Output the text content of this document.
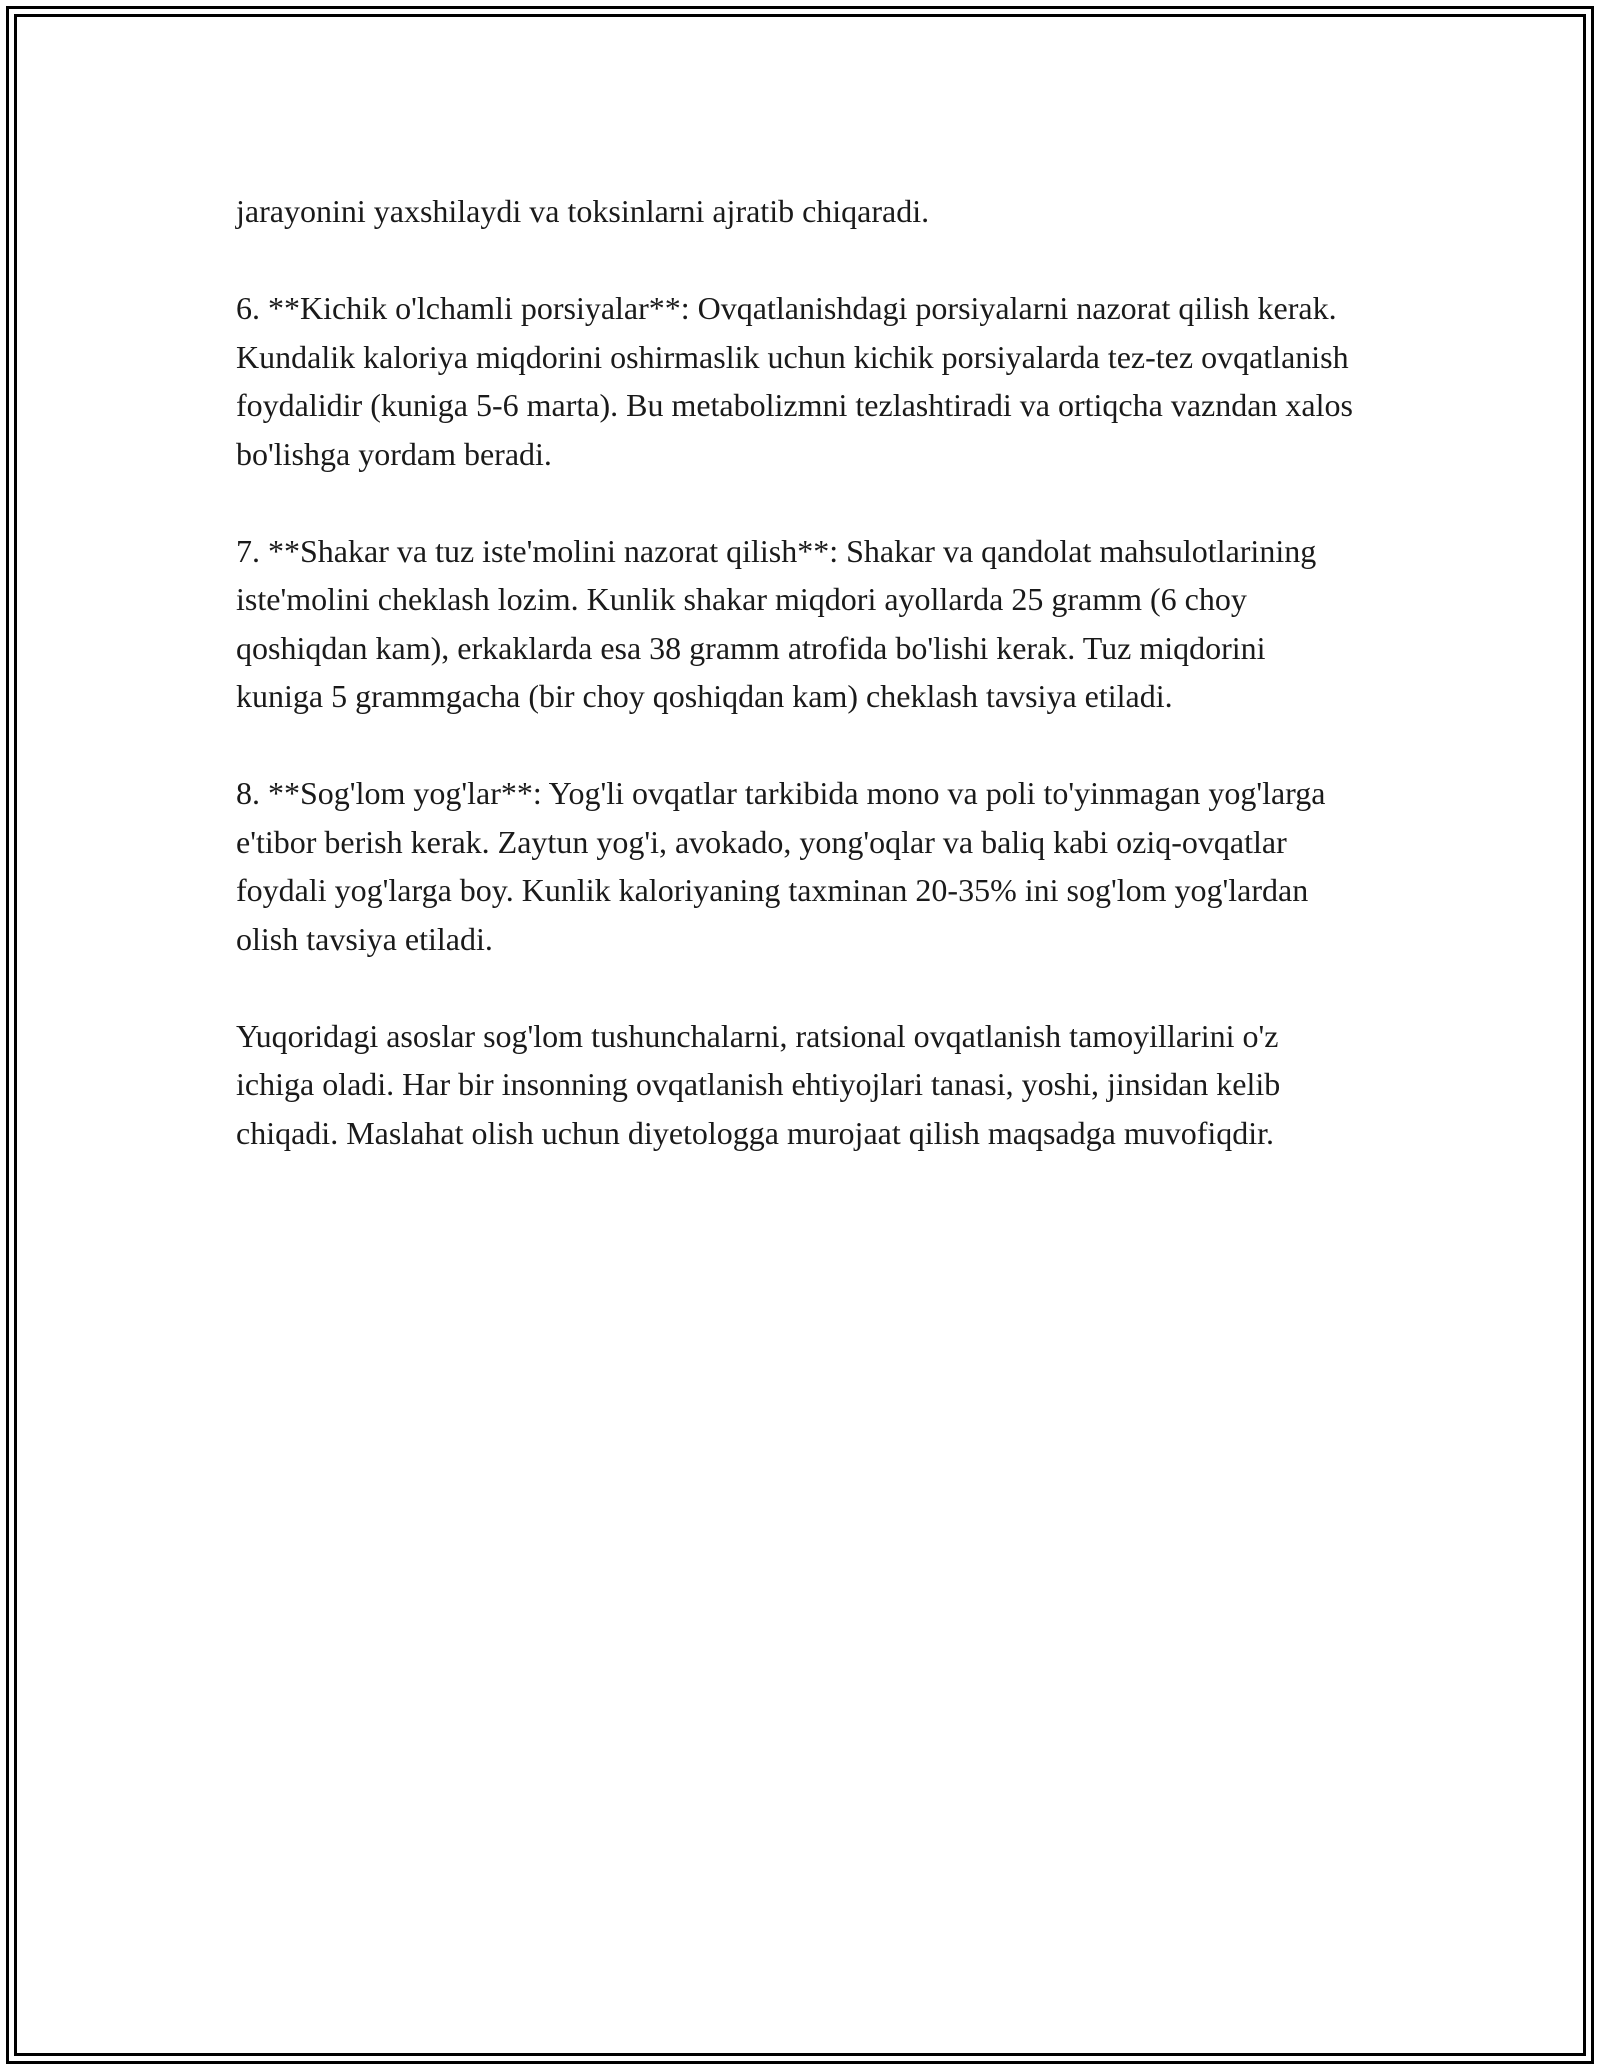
jarayonini yaxshilaydi va toksinlarni ajratib chiqaradi.

6. **Kichik o'lchamli porsiyalar**: Ovqatlanishdagi porsiyalarni nazorat qilish kerak. Kundalik kaloriya miqdorini oshirmaslik uchun kichik porsiyalarda tez-tez ovqatlanish foydalidir (kuniga 5-6 marta). Bu metabolizmni tezlashtiradi va ortiqcha vazndan xalos bo'lishga yordam beradi.

7. **Shakar va tuz iste'molini nazorat qilish**: Shakar va qandolat mahsulotlarining iste'molini cheklash lozim. Kunlik shakar miqdori ayollarda 25 gramm (6 choy qoshiqdan kam), erkaklarda esa 38 gramm atrofida bo'lishi kerak. Tuz miqdorini kuniga 5 grammgacha (bir choy qoshiqdan kam) cheklash tavsiya etiladi.

8. **Sog'lom yog'lar**: Yog'li ovqatlar tarkibida mono va poli to'yinmagan yog'larga e'tibor berish kerak. Zaytun yog'i, avokado, yong'oqlar va baliq kabi oziq-ovqatlar foydali yog'larga boy. Kunlik kaloriyaning taxminan 20-35% ini sog'lom yog'lardan olish tavsiya etiladi.

Yuqoridagi asoslar sog'lom tushunchalarni, ratsional ovqatlanish tamoyillarini o'z ichiga oladi. Har bir insonning ovqatlanish ehtiyojlari tanasi, yoshi, jinsidan kelib chiqadi. Maslahat olish uchun diyetologga murojaat qilish maqsadga muvofiqdir.
